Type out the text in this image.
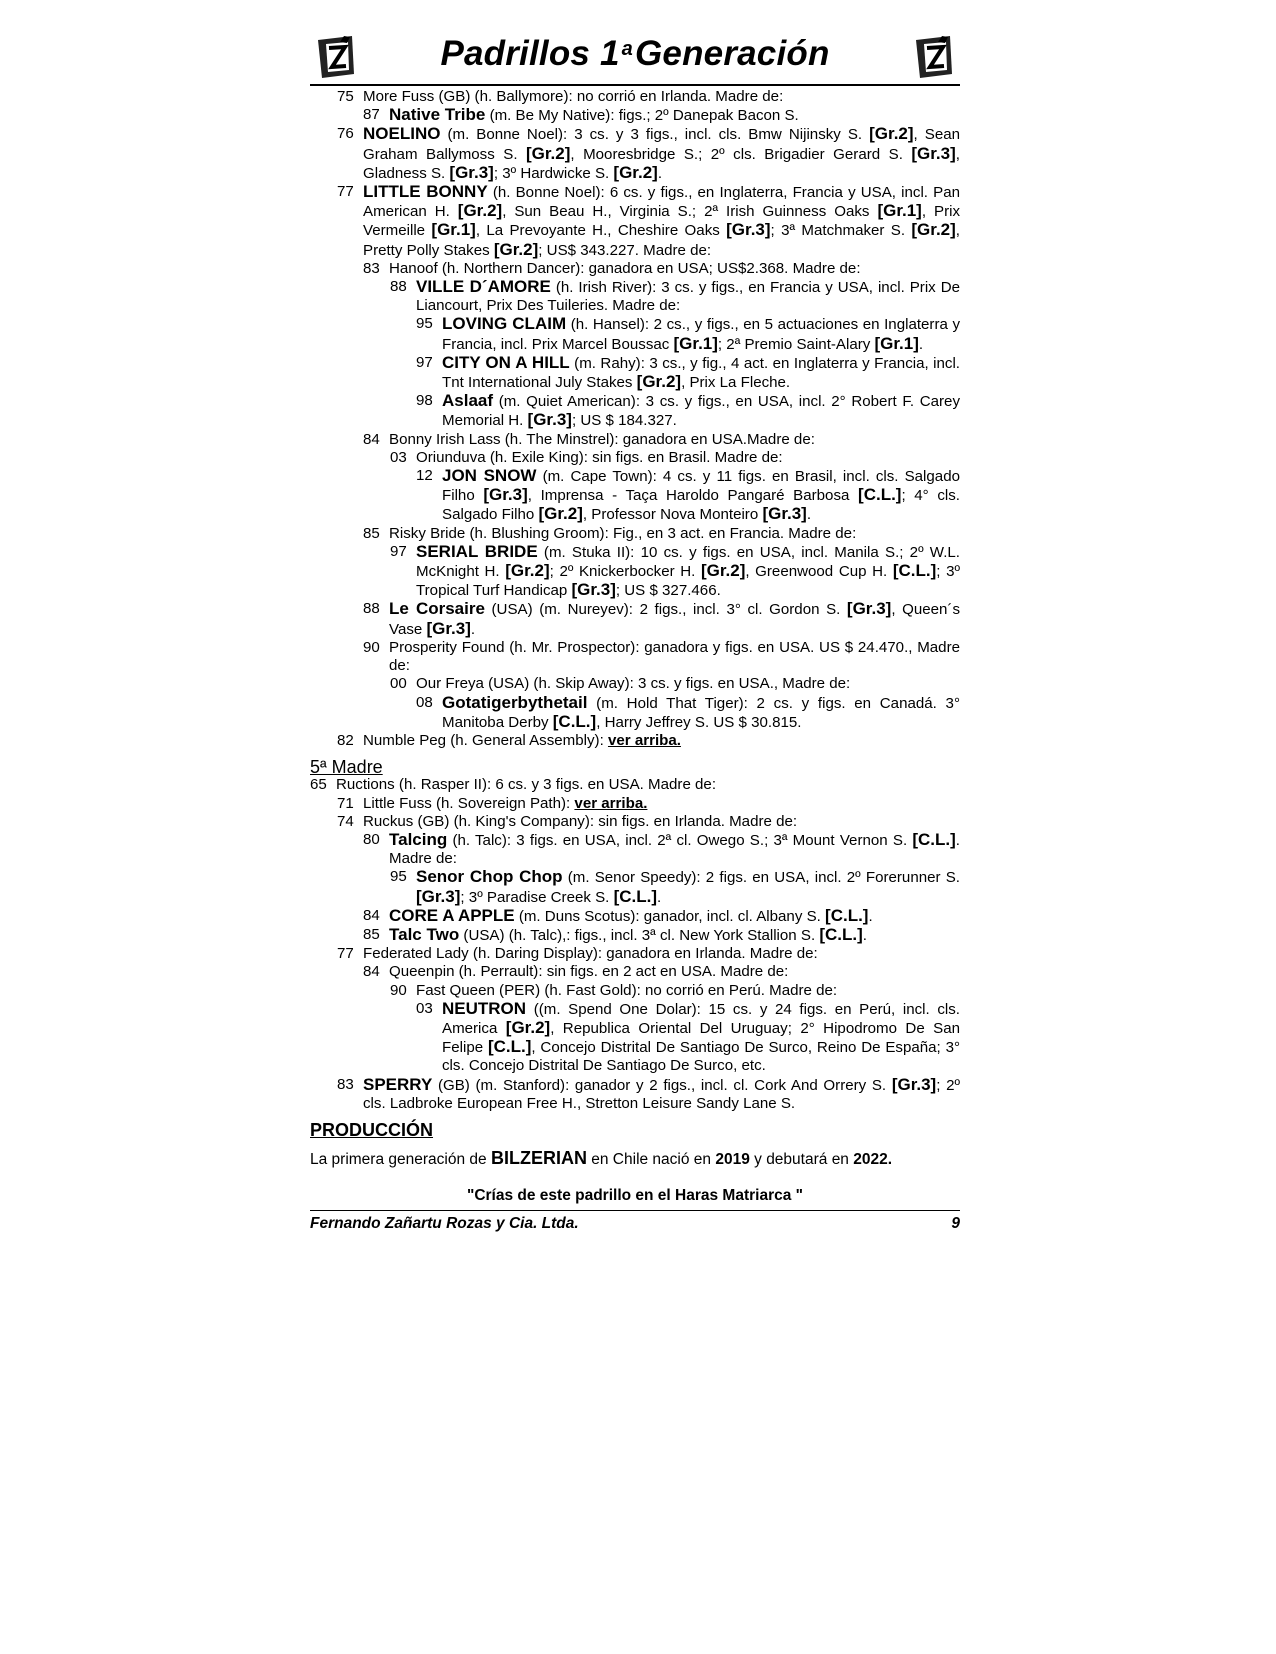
Padrillos 1 $^a$Generación
75 More Fuss (GB) (h. Ballymore): no corrió en Irlanda. Madre de:
87 Native Tribe (m. Be My Native): figs.; 2º Danepak Bacon S.
76 NOELINO (m. Bonne Noel): 3 cs. y 3 figs., incl. cls. Bmw Nijinsky S. [Gr.2], Sean Graham Ballymoss S. [Gr.2], Mooresbridge S.; 2º cls. Brigadier Gerard S. [Gr.3], Gladness S. [Gr.3]; 3º Hardwicke S. [Gr.2].
77 LITTLE BONNY (h. Bonne Noel): 6 cs. y figs., en Inglaterra, Francia y USA, incl. Pan American H. [Gr.2], Sun Beau H., Virginia S.; 2ª Irish Guinness Oaks [Gr.1], Prix Vermeille [Gr.1], La Prevoyante H., Cheshire Oaks [Gr.3]; 3ª Matchmaker S. [Gr.2], Pretty Polly Stakes [Gr.2]; US$ 343.227. Madre de:
83 Hanoof (h. Northern Dancer): ganadora en USA; US$2.368. Madre de:
88 VILLE D´AMORE (h. Irish River): 3 cs. y figs., en Francia y USA, incl. Prix De Liancourt, Prix Des Tuileries. Madre de:
95 LOVING CLAIM (h. Hansel): 2 cs., y figs., en 5 actuaciones en Inglaterra y Francia, incl. Prix Marcel Boussac [Gr.1]; 2ª Premio Saint-Alary [Gr.1].
97 CITY ON A HILL (m. Rahy): 3 cs., y fig., 4 act. en Inglaterra y Francia, incl. Tnt International July Stakes [Gr.2], Prix La Fleche.
98 Aslaaf (m. Quiet American): 3 cs. y figs., en USA, incl. 2° Robert F. Carey Memorial H. [Gr.3]; US $ 184.327.
84 Bonny Irish Lass (h. The Minstrel): ganadora en USA.Madre de:
03 Oriunduva (h. Exile King): sin figs. en Brasil. Madre de:
12 JON SNOW (m. Cape Town): 4 cs. y 11 figs. en Brasil, incl. cls. Salgado Filho [Gr.3], Imprensa - Taça Haroldo Pangaré Barbosa [C.L.]; 4° cls. Salgado Filho [Gr.2], Professor Nova Monteiro [Gr.3].
85 Risky Bride (h. Blushing Groom): Fig., en 3 act. en Francia. Madre de:
97 SERIAL BRIDE (m. Stuka II): 10 cs. y figs. en USA, incl. Manila S.; 2º W.L. McKnight H. [Gr.2]; 2º Knickerbocker H. [Gr.2], Greenwood Cup H. [C.L.]; 3º Tropical Turf Handicap [Gr.3]; US $ 327.466.
88 Le Corsaire (USA) (m. Nureyev): 2 figs., incl. 3° cl. Gordon S. [Gr.3], Queen´s Vase [Gr.3].
90 Prosperity Found (h. Mr. Prospector): ganadora y figs. en USA. US $ 24.470., Madre de:
00 Our Freya (USA) (h. Skip Away): 3 cs. y figs. en USA., Madre de:
08 Gotatigerbythetail (m. Hold That Tiger): 2 cs. y figs. en Canadá. 3° Manitoba Derby [C.L.], Harry Jeffrey S. US $ 30.815.
82 Numble Peg (h. General Assembly): ver arriba.
5ª Madre
65 Ructions (h. Rasper II): 6 cs. y 3 figs. en USA. Madre de:
71 Little Fuss (h. Sovereign Path): ver arriba.
74 Ruckus (GB) (h. King's Company): sin figs. en Irlanda. Madre de:
80 Talcing (h. Talc): 3 figs. en USA, incl. 2ª cl. Owego S.; 3ª Mount Vernon S. [C.L.]. Madre de:
95 Senor Chop Chop (m. Senor Speedy): 2 figs. en USA, incl. 2º Forerunner S. [Gr.3]; 3º Paradise Creek S. [C.L.].
84 CORE A APPLE (m. Duns Scotus): ganador, incl. cl. Albany S. [C.L.].
85 Talc Two (USA) (h. Talc),: figs., incl. 3ª cl. New York Stallion S. [C.L.].
77 Federated Lady (h. Daring Display): ganadora en Irlanda. Madre de:
84 Queenpin (h. Perrault): sin figs. en 2 act en USA. Madre de:
90 Fast Queen (PER) (h. Fast Gold): no corrió en Perú. Madre de:
03 NEUTRON ((m. Spend One Dolar): 15 cs. y 24 figs. en Perú, incl. cls. America [Gr.2], Republica Oriental Del Uruguay; 2° Hipodromo De San Felipe [C.L.], Concejo Distrital De Santiago De Surco, Reino De España; 3° cls. Concejo Distrital De Santiago De Surco, etc.
83 SPERRY (GB) (m. Stanford): ganador y 2 figs., incl. cl. Cork And Orrery S. [Gr.3]; 2º cls. Ladbroke European Free H., Stretton Leisure Sandy Lane S.
PRODUCCIÓN
La primera generación de BILZERIAN en Chile nació en 2019 y debutará en 2022.
"Crías de este padrillo en el Haras Matriarca "
Fernando Zañartu Rozas y Cia. Ltda.	9
